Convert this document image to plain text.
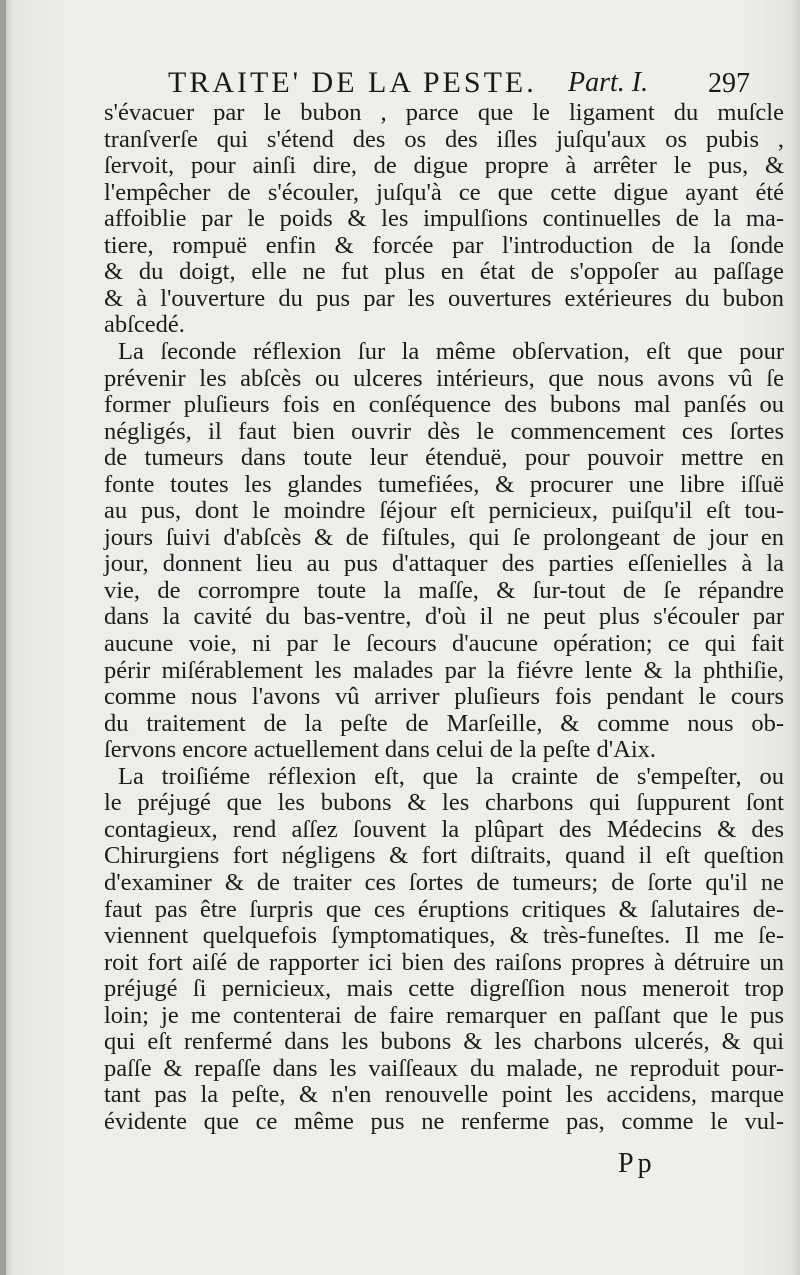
TRAITE' DE LA PESTE. Part. I. 297
s'évacuer par le bubon , parce que le ligament du muſcle
tranſverſe qui s'étend des os des iſles juſqu'aux os pubis ,
ſervoit, pour ainſi dire, de digue propre à arrêter le pus, &
l'empêcher de s'écouler, juſqu'à ce que cette digue ayant été
affoiblie par le poids & les impulſions continuelles de la ma-
tiere, rompuë enfin & forcée par l'introduction de la ſonde
& du doigt, elle ne fut plus en état de s'oppoſer au paſſage
& à l'ouverture du pus par les ouvertures extérieures du bubon
abſcedé.
La ſeconde réflexion ſur la même obſervation, eſt que pour
prévenir les abſcès ou ulceres intérieurs, que nous avons vû ſe
former pluſieurs fois en conſéquence des bubons mal panſés ou
négligés, il faut bien ouvrir dès le commencement ces ſortes
de tumeurs dans toute leur étenduë, pour pouvoir mettre en
fonte toutes les glandes tumefiées, & procurer une libre iſſuë
au pus, dont le moindre ſéjour eſt pernicieux, puiſqu'il eſt tou-
jours ſuivi d'abſcès & de fiſtules, qui ſe prolongeant de jour en
jour, donnent lieu au pus d'attaquer des parties eſſenielles à la
vie, de corrompre toute la maſſe, & ſur-tout de ſe répandre
dans la cavité du bas-ventre, d'où il ne peut plus s'écouler par
aucune voie, ni par le ſecours d'aucune opération; ce qui fait
périr miſérablement les malades par la fiévre lente & la phthiſie,
comme nous l'avons vû arriver pluſieurs fois pendant le cours
du traitement de la peſte de Marſeille, & comme nous ob-
ſervons encore actuellement dans celui de la peſte d'Aix.
La troiſiéme réflexion eſt, que la crainte de s'empeſter, ou
le préjugé que les bubons & les charbons qui ſuppurent ſont
contagieux, rend aſſez ſouvent la plûpart des Médecins & des
Chirurgiens fort négligens & fort diſtraits, quand il eſt queſtion
d'examiner & de traiter ces ſortes de tumeurs; de ſorte qu'il ne
faut pas être ſurpris que ces éruptions critiques & ſalutaires de-
viennent quelquefois ſymptomatiques, & très-funeſtes. Il me ſe-
roit fort aiſé de rapporter ici bien des raiſons propres à détruire un
préjugé ſi pernicieux, mais cette digreſſion nous meneroit trop
loin; je me contenterai de faire remarquer en paſſant que le pus
qui eſt renfermé dans les bubons & les charbons ulcerés, & qui
paſſe & repaſſe dans les vaiſſeaux du malade, ne reproduit pour-
tant pas la peſte, & n'en renouvelle point les accidens, marque
évidente que ce même pus ne renferme pas, comme le vul-
Pp
